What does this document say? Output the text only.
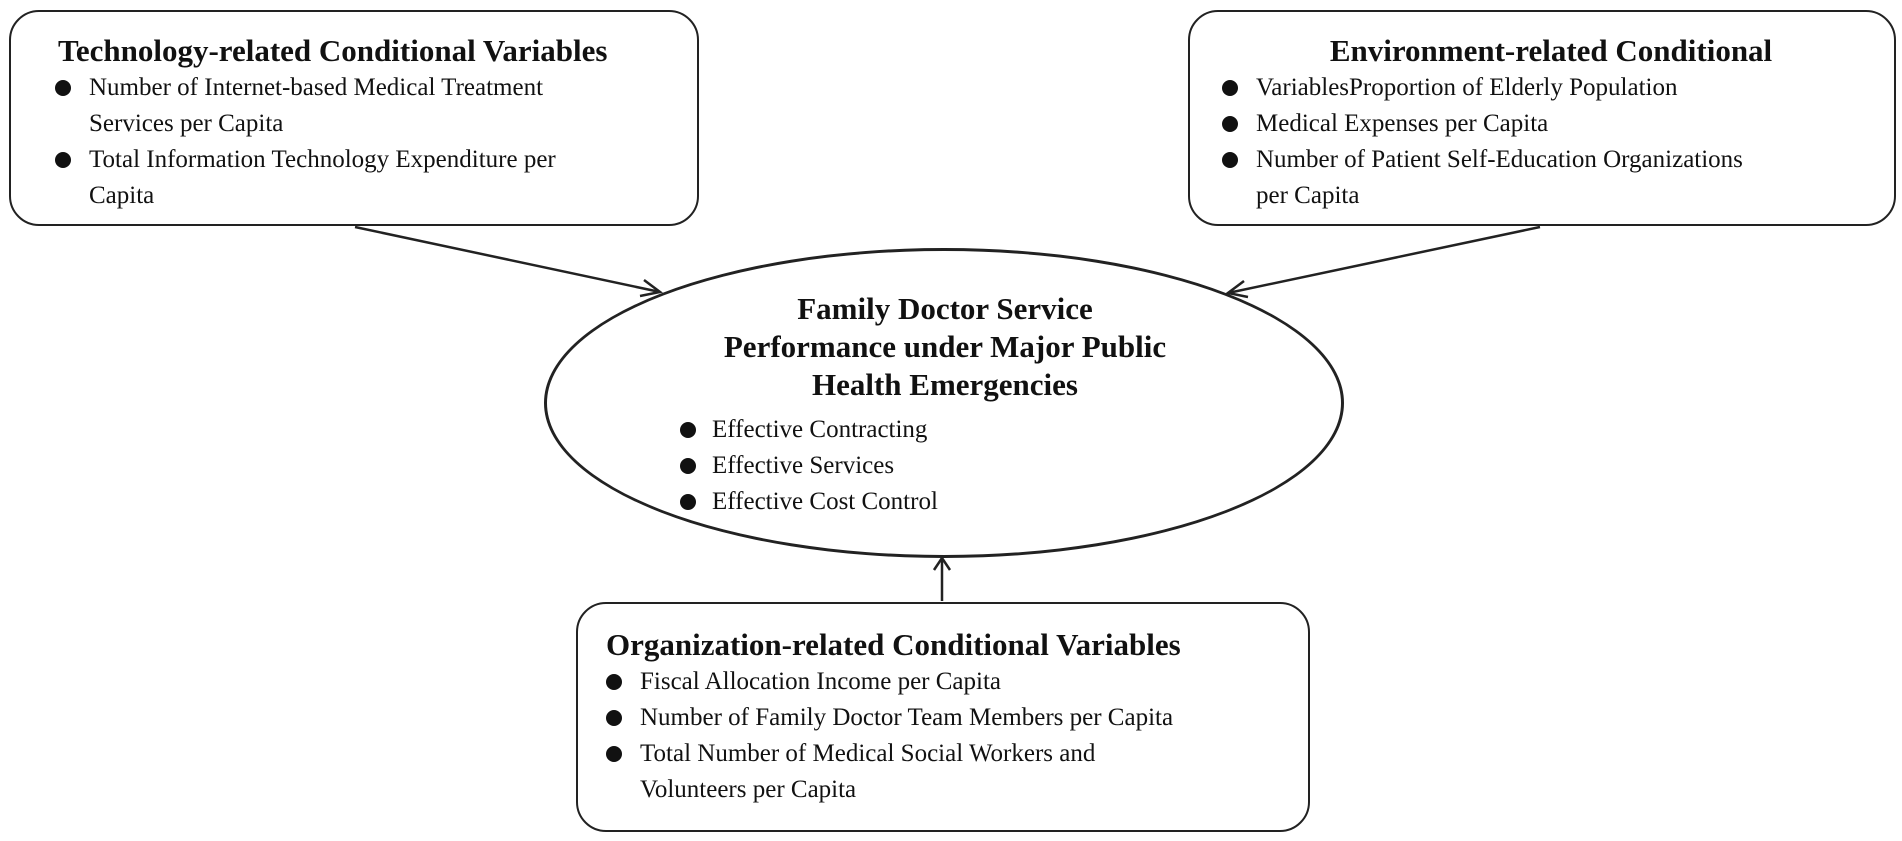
Technology-related Conditional Variables
Number of Internet-based Medical Treatment
Services per Capita
Total Information Technology Expenditure per
Capita
Environment-related Conditional
VariablesProportion of Elderly Population
Medical Expenses per Capita
Number of Patient Self-Education Organizations
per Capita
Family Doctor Service
Performance under Major Public
Health Emergencies
Effective Contracting
Effective Services
Effective Cost Control
Organization-related Conditional Variables
Fiscal Allocation Income per Capita
Number of Family Doctor Team Members per Capita
Total Number of Medical Social Workers and
Volunteers per Capita
